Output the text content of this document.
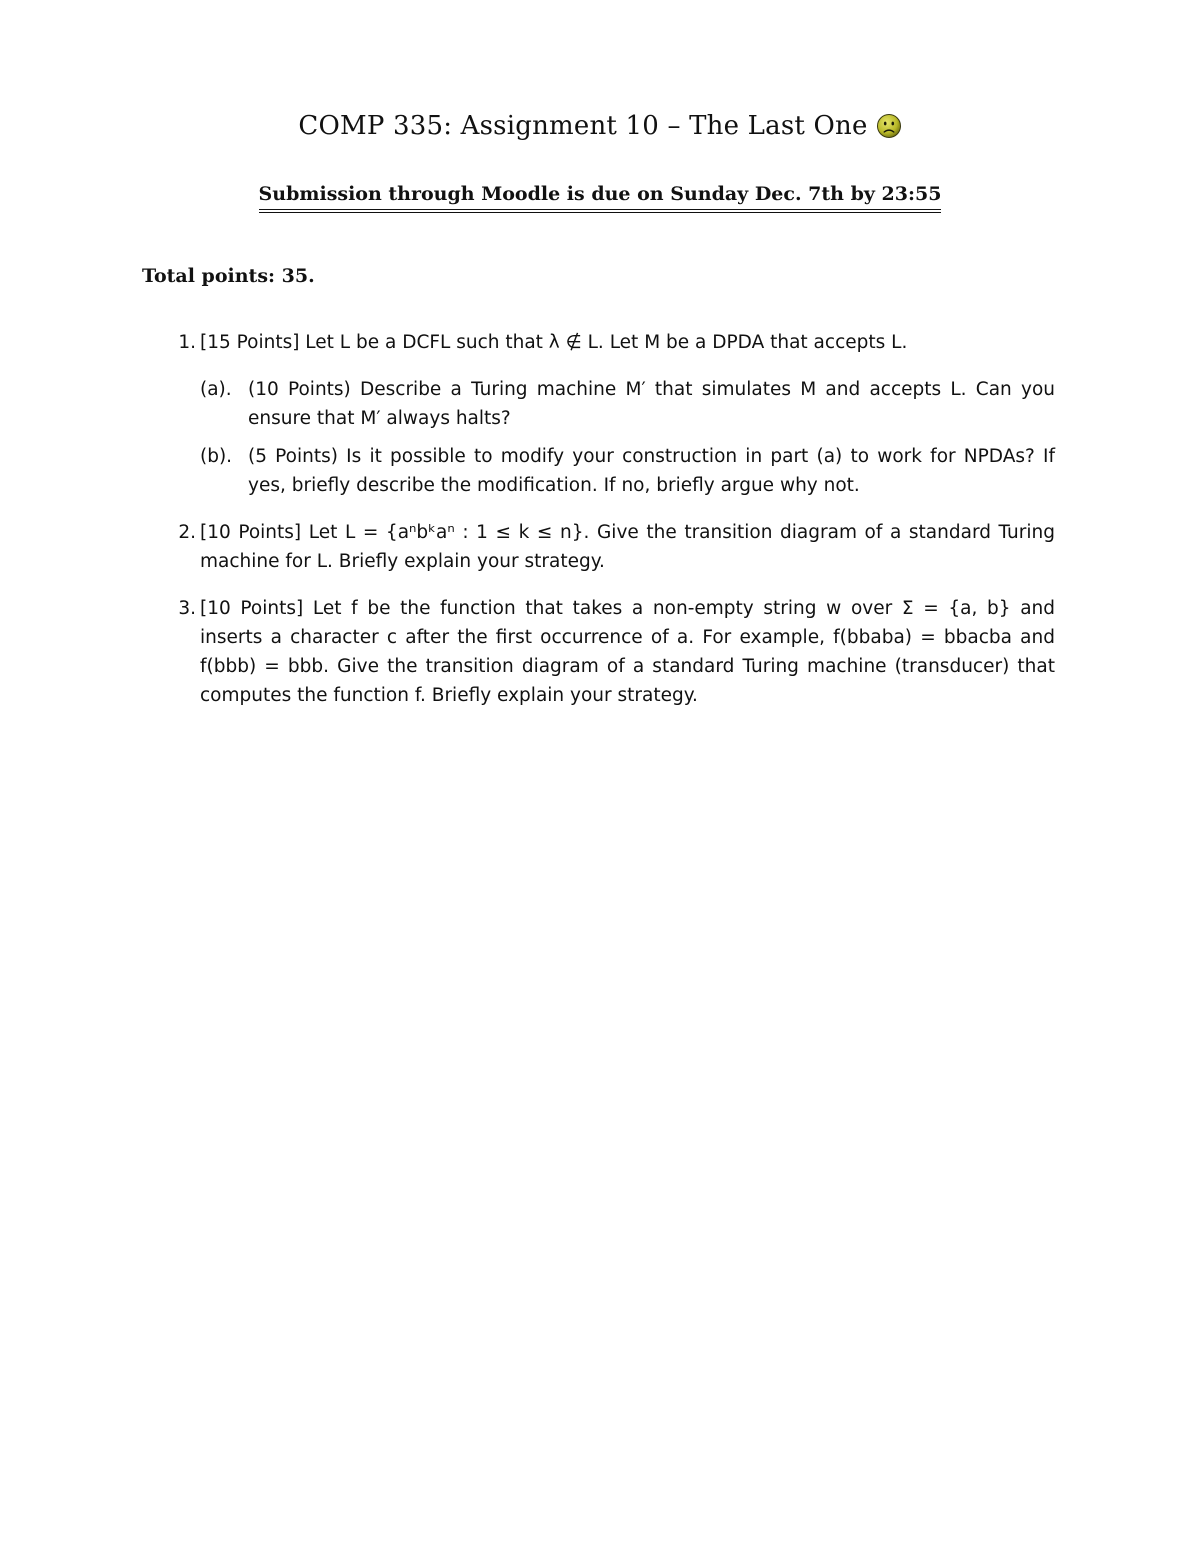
COMP 335: Assignment 10 – The Last One
Submission through Moodle is due on Sunday Dec. 7th by 23:55
Total points: 35.
1. [15 Points] Let L be a DCFL such that λ ∉ L. Let M be a DPDA that accepts L.
(a). (10 Points) Describe a Turing machine M′ that simulates M and accepts L. Can you ensure that M′ always halts?
(b). (5 Points) Is it possible to modify your construction in part (a) to work for NPDAs? If yes, briefly describe the modification. If no, briefly argue why not.
2. [10 Points] Let L = {aⁿbᵏaⁿ : 1 ≤ k ≤ n}. Give the transition diagram of a standard Turing machine for L. Briefly explain your strategy.
3. [10 Points] Let f be the function that takes a non-empty string w over Σ = {a, b} and inserts a character c after the first occurrence of a. For example, f(bbaba) = bbacba and f(bbb) = bbb. Give the transition diagram of a standard Turing machine (transducer) that computes the function f. Briefly explain your strategy.
